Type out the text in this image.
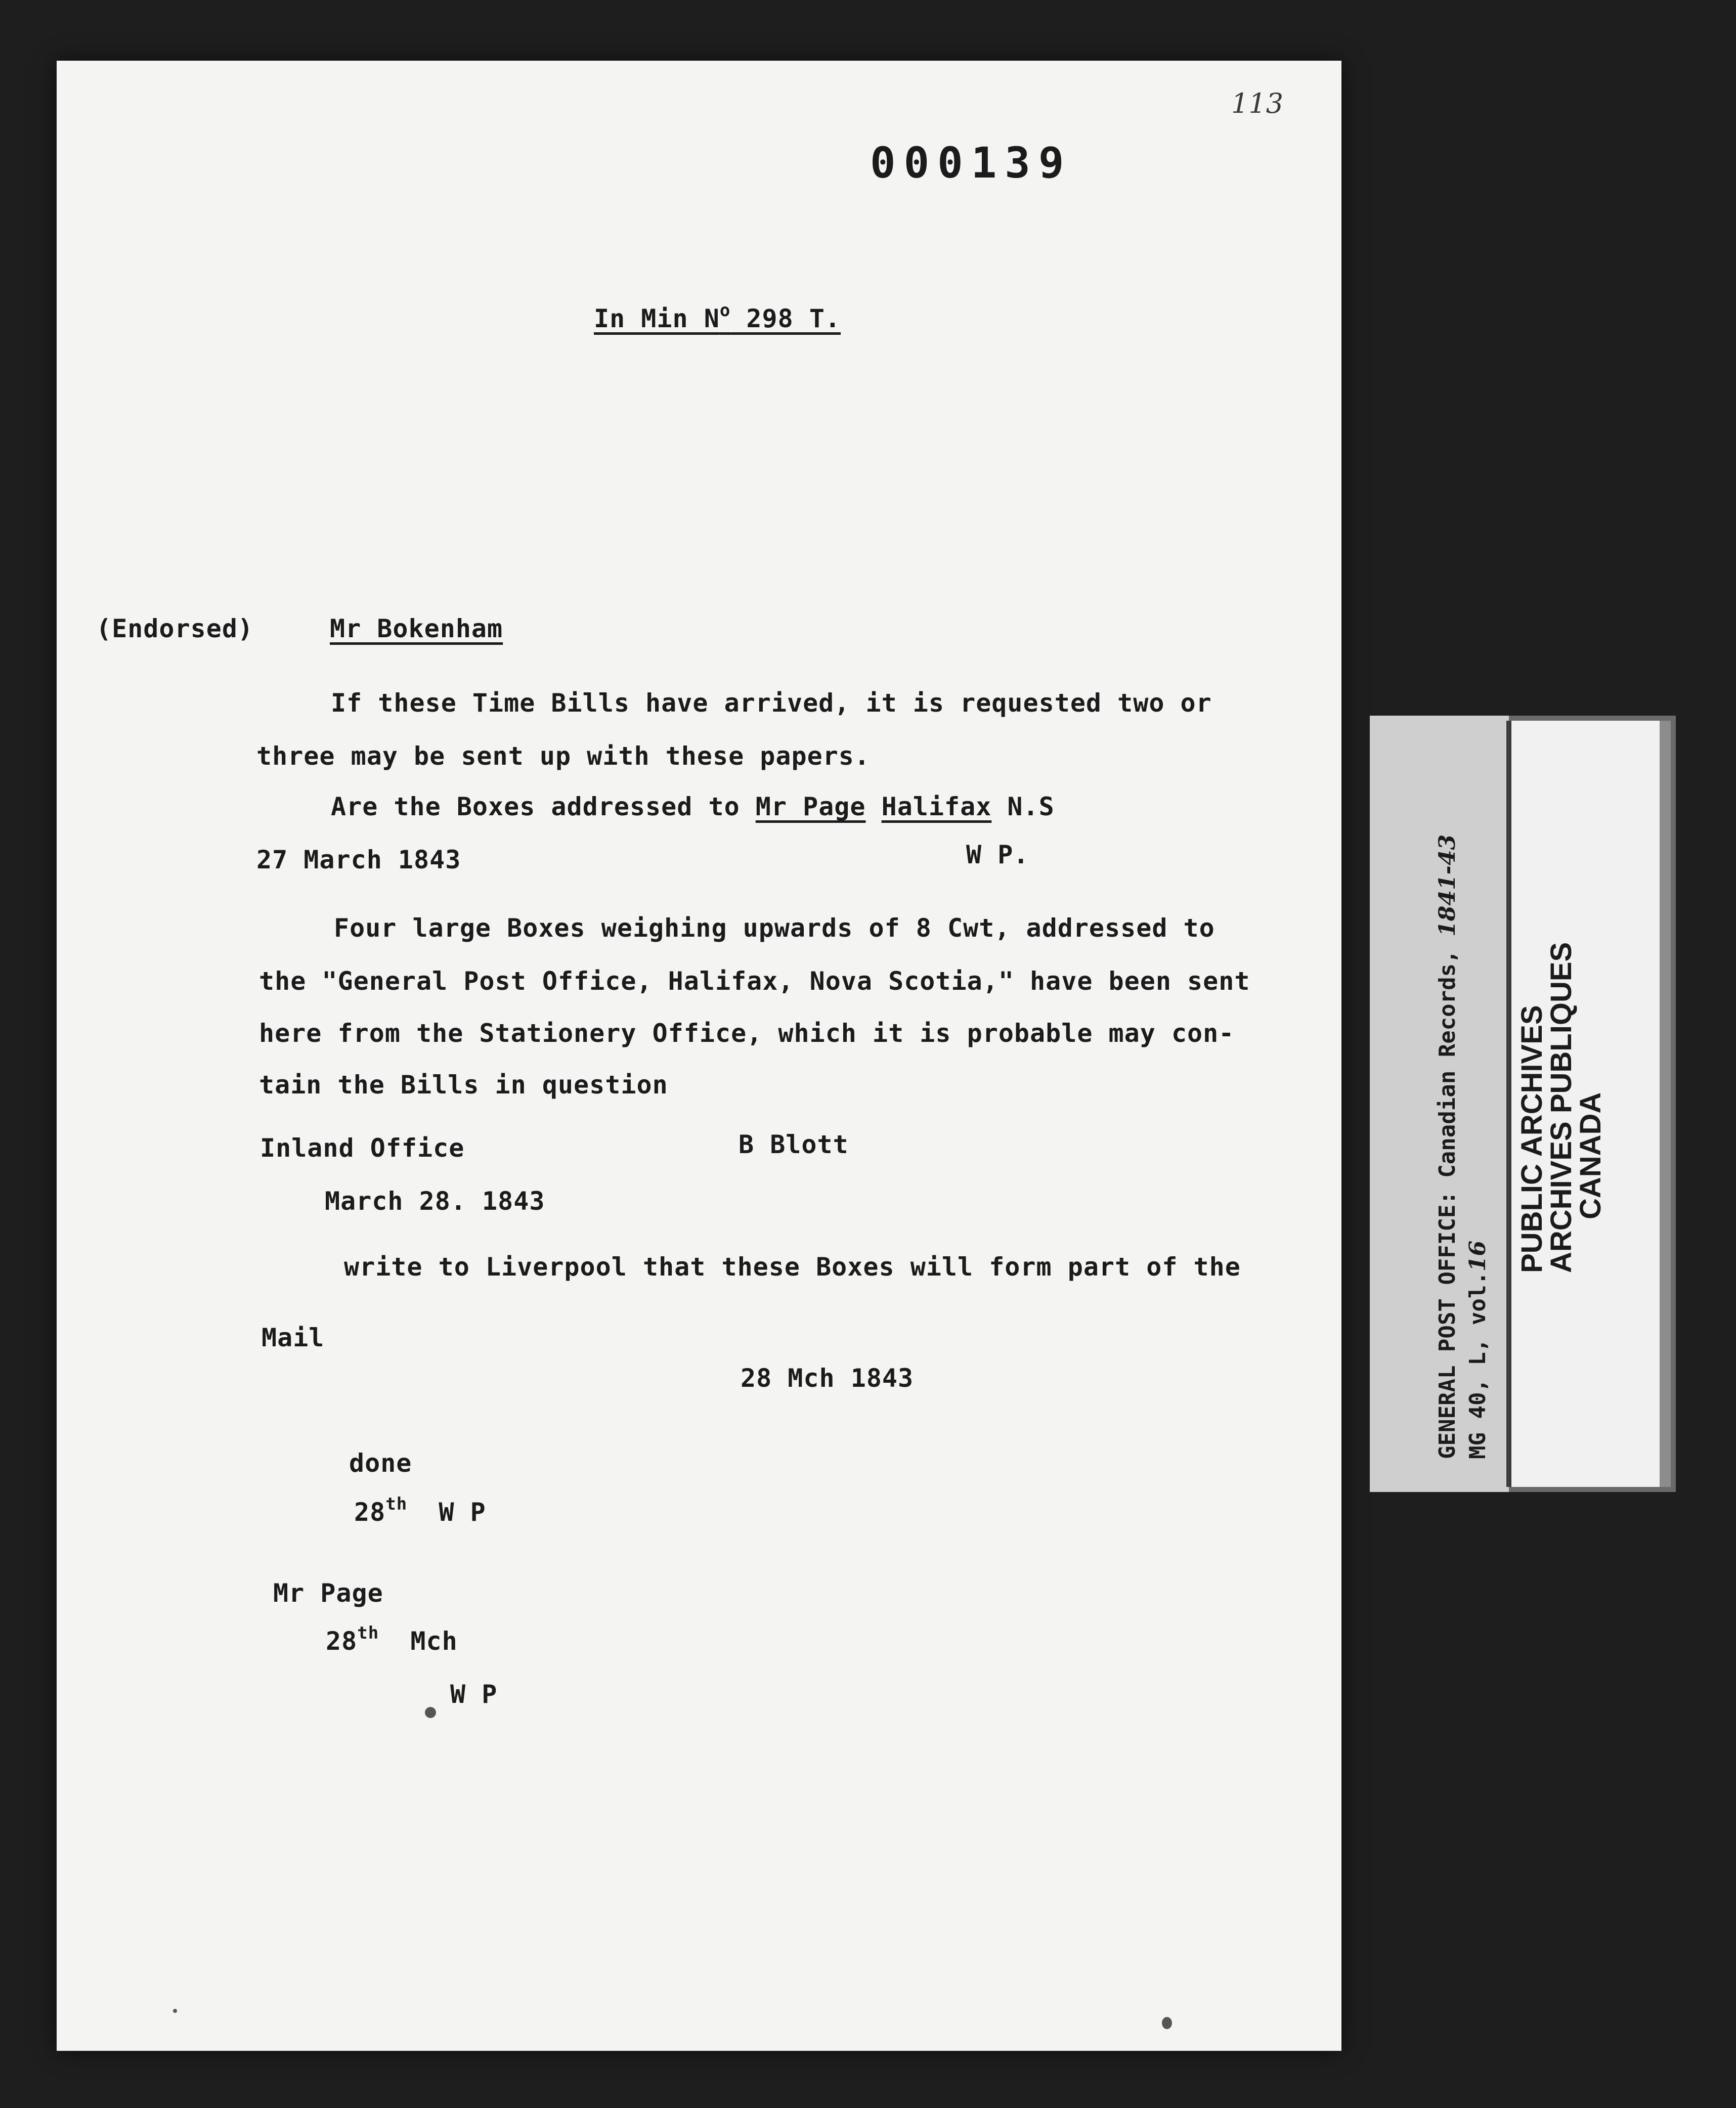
113
000139
In Min $N^o$ 298 T.
(Endorsed)	Mr Bokenham
If these Time Bills have arrived, it is requested two or
three may be sent up with these papers.
Are the Boxes addressed to Mr Page Halifax N.S
27 March 1843	W P.
Four large Boxes weighing upwards of 8 Cwt, addressed to
the "General Post Office, Halifax, Nova Scotia," have been sent
here from the Stationery Office, which it is probable may con-
tain the Bills in question
Inland Office	B Blott
March 28. 1843
write to Liverpool that these Boxes will form part of the
Mail
28 Mch 1843
done
28th W P
Mr Page
28th Mch
W P
GENERAL POST OFFICE: Canadian Records, 1841-43
MG 40, L, vol.16 PUBLIC ARCHIVES
ARCHIVES PUBLIQUES
CANADA
